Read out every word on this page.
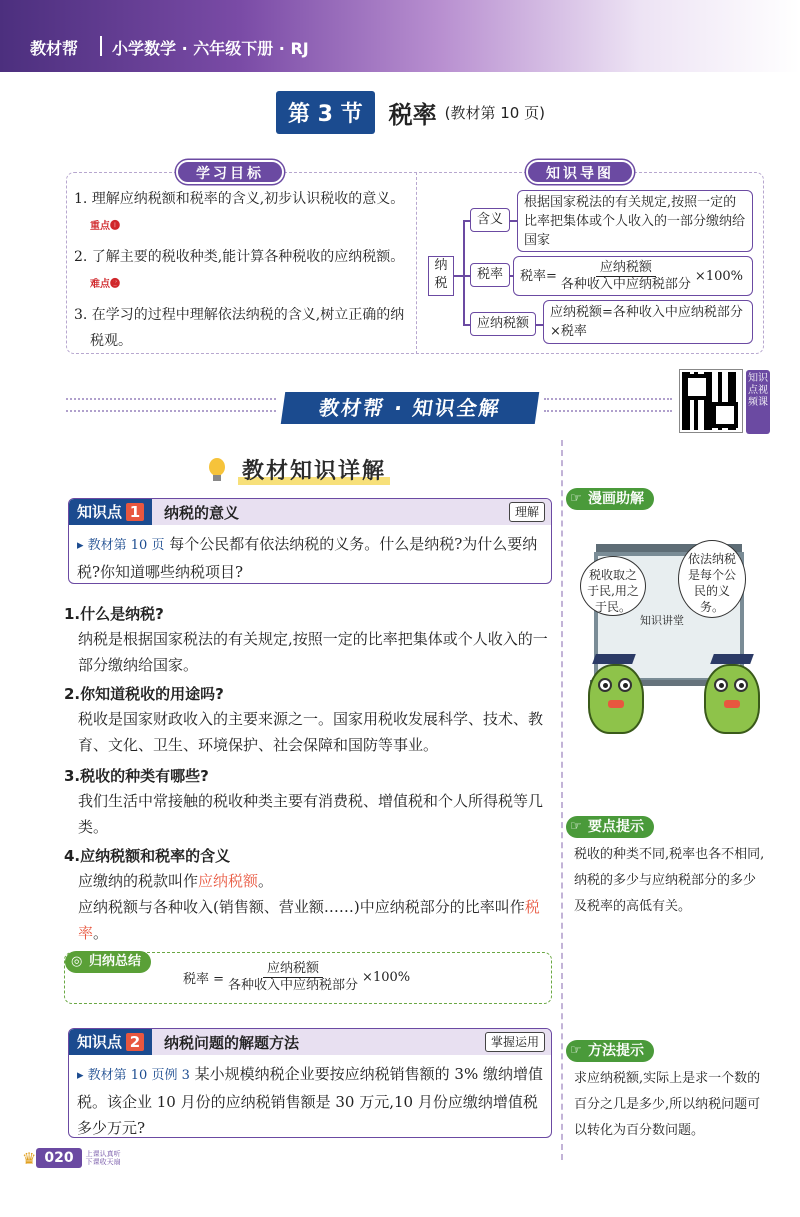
教材帮 小学数学 · 六年级下册 · RJ
第 3 节	税率 (教材第 10 页)
学习目标	知识导图
1. 理解应纳税额和税率的含义,初步认识税收的意义。重点❶
2. 了解主要的税收种类,能计算各种税收的应纳税额。难点❷
3. 在学习的过程中理解依法纳税的含义,树立正确的纳税观。
纳税
含义
根据国家税法的有关规定,按照一定的比率把集体或个人收入的一部分缴纳给国家
税率	税率= $\frac{\text{应纳税额}}{\text{各种收入中应纳税部分}} \times 100\%$
应纳税额
应纳税额=各种收入中应纳税部分×税率
知识点视频课
教材帮 · 知识全解
教材知识详解
知识点 1	纳税的意义	理解
▸ 教材第 10 页 每个公民都有依法纳税的义务。什么是纳税?为什么要纳税?你知道哪些纳税项目?
1.什么是纳税?

纳税是根据国家税法的有关规定,按照一定的比率把集体或个人收入的一部分缴纳给国家。

2.你知道税收的用途吗?

税收是国家财政收入的主要来源之一。国家用税收发展科学、技术、教育、文化、卫生、环境保护、社会保障和国防等事业。

3.税收的种类有哪些?

我们生活中常接触的税收种类主要有消费税、增值税和个人所得税等几类。

4.应纳税额和税率的含义

应缴纳的税款叫作应纳税额。

应纳税额与各种收入(销售额、营业额……)中应纳税部分的比率叫作税率。

◎ 归纳总结
税率 = $\frac{\text{应纳税额}}{\text{各种收入中应纳税部分}} \times 100\%$
知识点 2	纳税问题的解题方法	掌握运用
▸ 教材第 10 页例 3 某小规模纳税企业要按应纳税销售额的 3% 缴纳增值税。该企业 10 月份的应纳税销售额是 30 万元,10 月份应缴纳增值税多少万元?
☞ 漫画助解
知识讲堂
税收取之于民,用之于民。
依法纳税是每个公民的义务。
☞ 要点提示
税收的种类不同,税率也各不相同,纳税的多少与应纳税部分的多少及税率的高低有关。
☞ 方法提示
求应纳税额,实际上是求一个数的百分之几是多少,所以纳税问题可以转化为百分数问题。
♛ 020	上课认真听
下课收天扇
